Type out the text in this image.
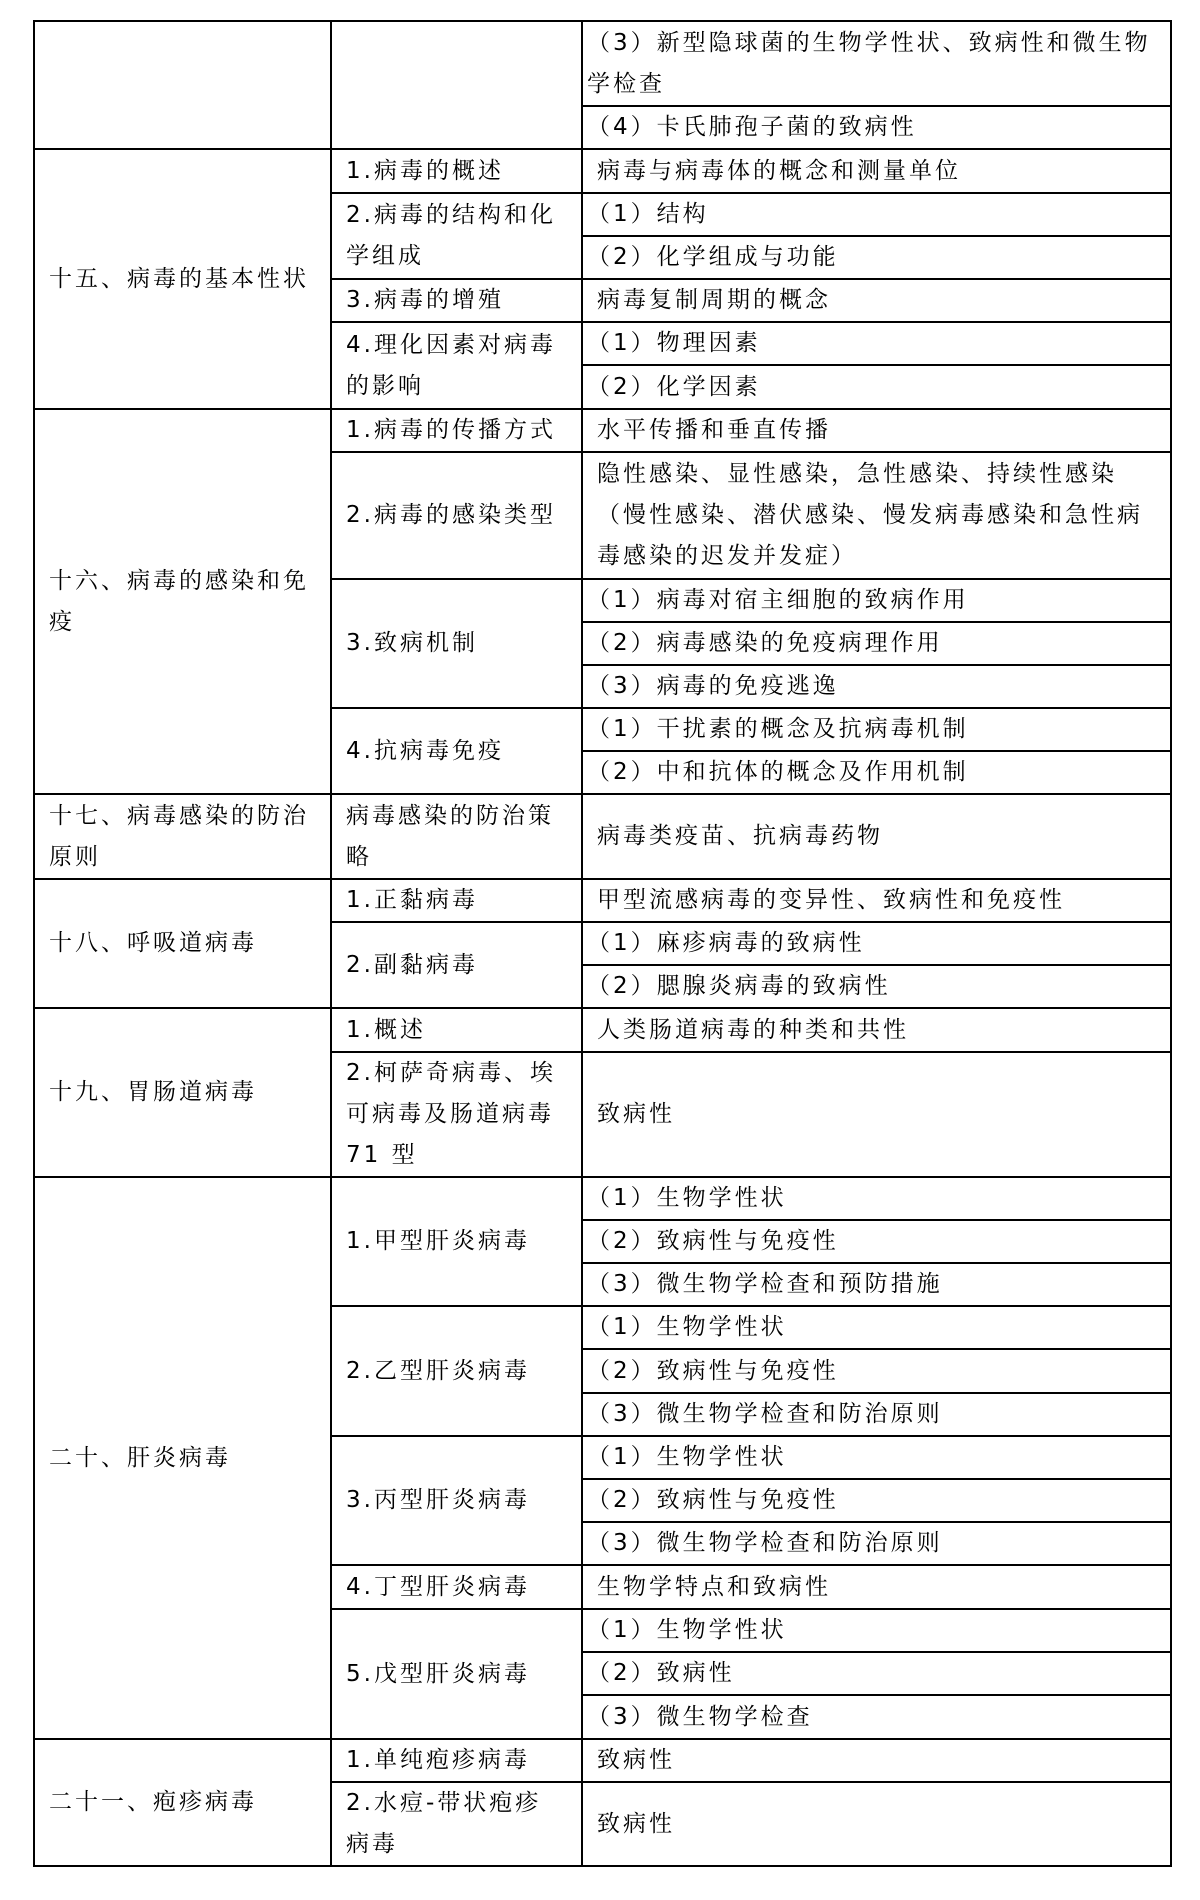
		（3）新型隐球菌的生物学性状、致病性和微生物学检查
		（4）卡氏肺孢子菌的致病性
十五、病毒的基本性状	1.病毒的概述	病毒与病毒体的概念和测量单位
	2.病毒的结构和化学组成	（1）结构
		（2）化学组成与功能
	3.病毒的增殖	病毒复制周期的概念
	4.理化因素对病毒的影响	（1）物理因素
		（2）化学因素
十六、病毒的感染和免疫	1.病毒的传播方式	水平传播和垂直传播
	2.病毒的感染类型	隐性感染、显性感染，急性感染、持续性感染（慢性感染、潜伏感染、慢发病毒感染和急性病毒感染的迟发并发症）
	3.致病机制	（1）病毒对宿主细胞的致病作用
		（2）病毒感染的免疫病理作用
		（3）病毒的免疫逃逸
	4.抗病毒免疫	（1）干扰素的概念及抗病毒机制
		（2）中和抗体的概念及作用机制
十七、病毒感染的防治原则	病毒感染的防治策略	病毒类疫苗、抗病毒药物
十八、呼吸道病毒	1.正黏病毒	甲型流感病毒的变异性、致病性和免疫性
	2.副黏病毒	（1）麻疹病毒的致病性
		（2）腮腺炎病毒的致病性
十九、胃肠道病毒	1.概述	人类肠道病毒的种类和共性
	2.柯萨奇病毒、埃可病毒及肠道病毒 71 型	致病性
二十、肝炎病毒	1.甲型肝炎病毒	（1）生物学性状
		（2）致病性与免疫性
		（3）微生物学检查和预防措施
	2.乙型肝炎病毒	（1）生物学性状
		（2）致病性与免疫性
		（3）微生物学检查和防治原则
	3.丙型肝炎病毒	（1）生物学性状
		（2）致病性与免疫性
		（3）微生物学检查和防治原则
	4.丁型肝炎病毒	生物学特点和致病性
	5.戊型肝炎病毒	（1）生物学性状
		（2）致病性
		（3）微生物学检查
二十一、疱疹病毒	1.单纯疱疹病毒	致病性
	2.水痘-带状疱疹病毒	致病性
